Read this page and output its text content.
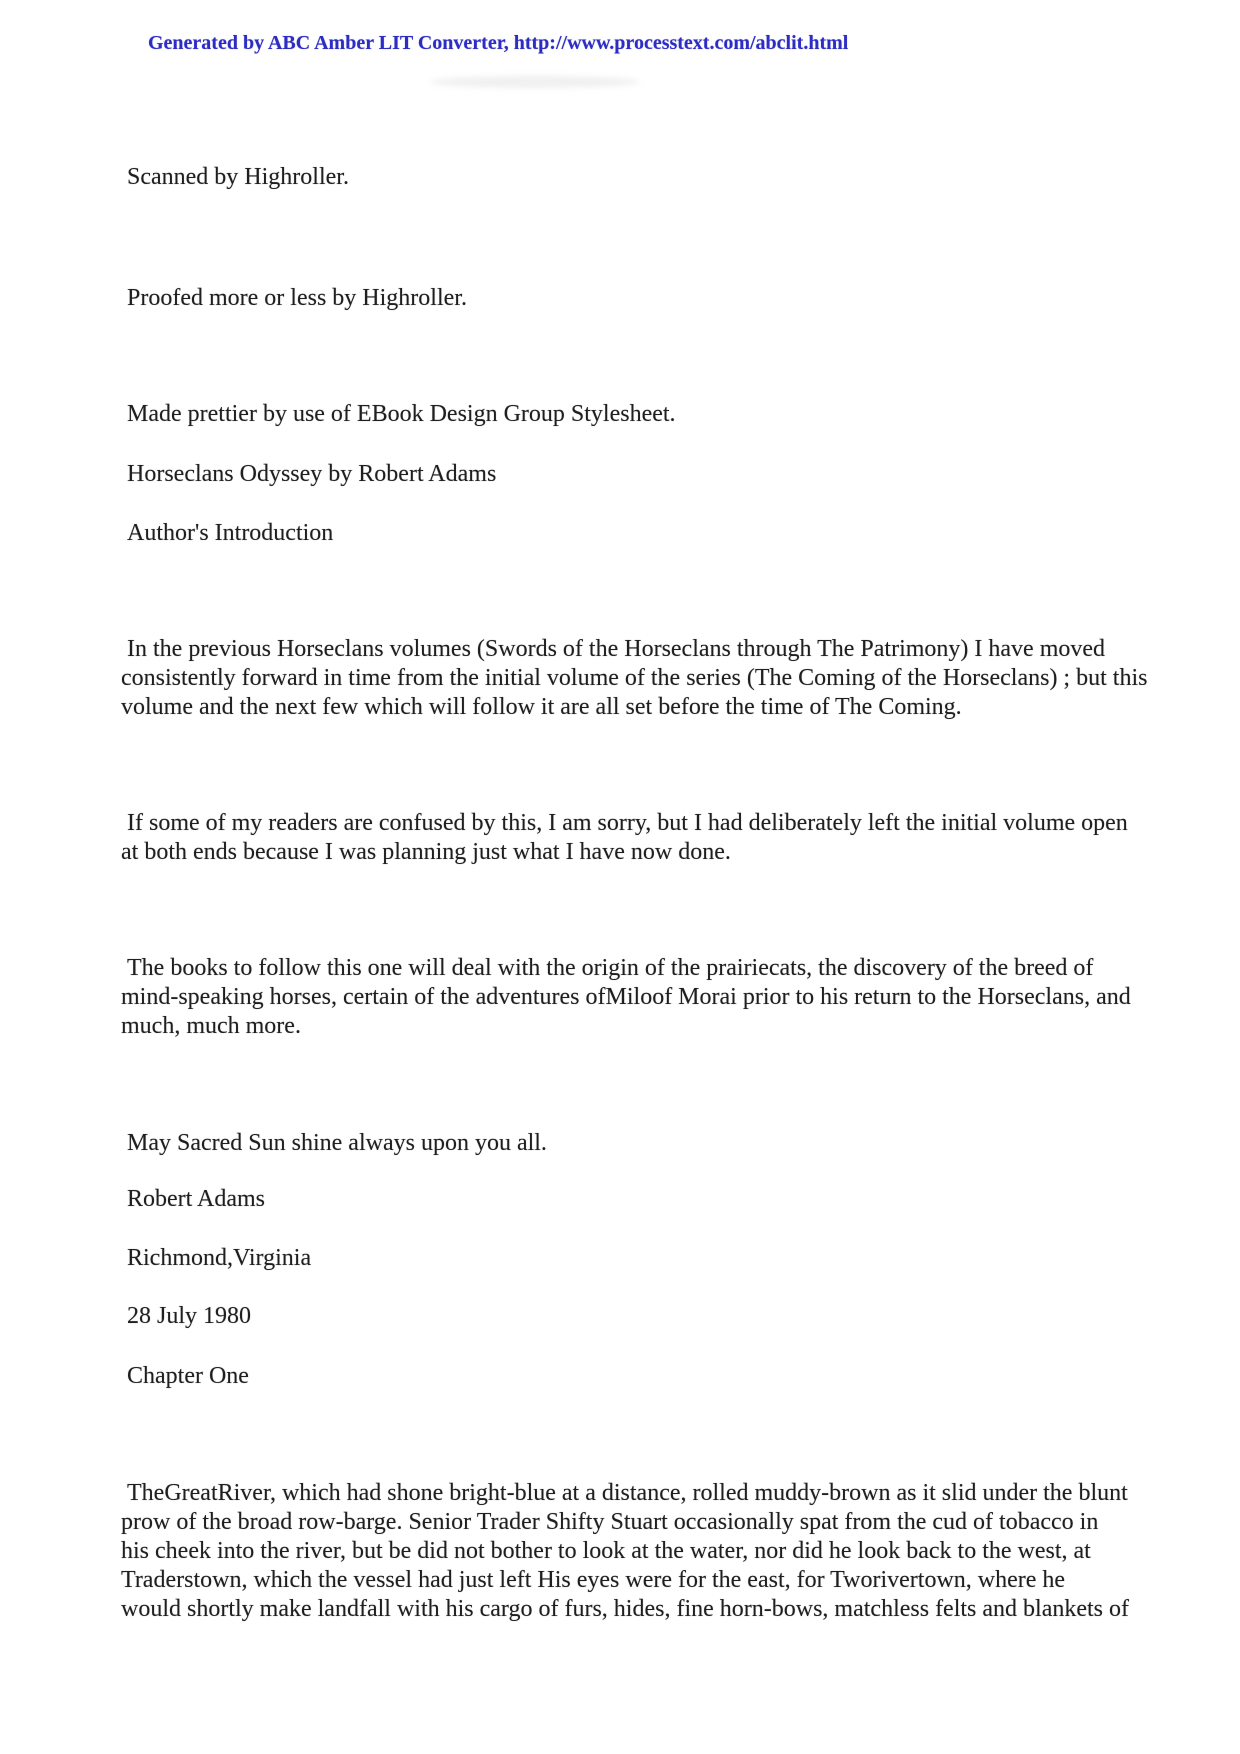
Generated by ABC Amber LIT Converter, http://www.processtext.com/abclit.html
Scanned by Highroller.
Proofed more or less by Highroller.
Made prettier by use of EBook Design Group Stylesheet.
Horseclans Odyssey by Robert Adams
Author's Introduction
In the previous Horseclans volumes (Swords of the Horseclans through The Patrimony) I have moved
consistently forward in time from the initial volume of the series (The Coming of the Horseclans) ; but this
volume and the next few which will follow it are all set before the time of The Coming.
If some of my readers are confused by this, I am sorry, but I had deliberately left the initial volume open
at both ends because I was planning just what I have now done.
The books to follow this one will deal with the origin of the prairiecats, the discovery of the breed of
mind-speaking horses, certain of the adventures ofMiloof Morai prior to his return to the Horseclans, and
much, much more.
May Sacred Sun shine always upon you all.
Robert Adams
Richmond,Virginia
28 July 1980
Chapter One
TheGreatRiver, which had shone bright-blue at a distance, rolled muddy-brown as it slid under the blunt
prow of the broad row-barge. Senior Trader Shifty Stuart occasionally spat from the cud of tobacco in
his cheek into the river, but be did not bother to look at the water, nor did he look back to the west, at
Traderstown, which the vessel had just left His eyes were for the east, for Tworivertown, where he
would shortly make landfall with his cargo of furs, hides, fine horn-bows, matchless felts and blankets of
